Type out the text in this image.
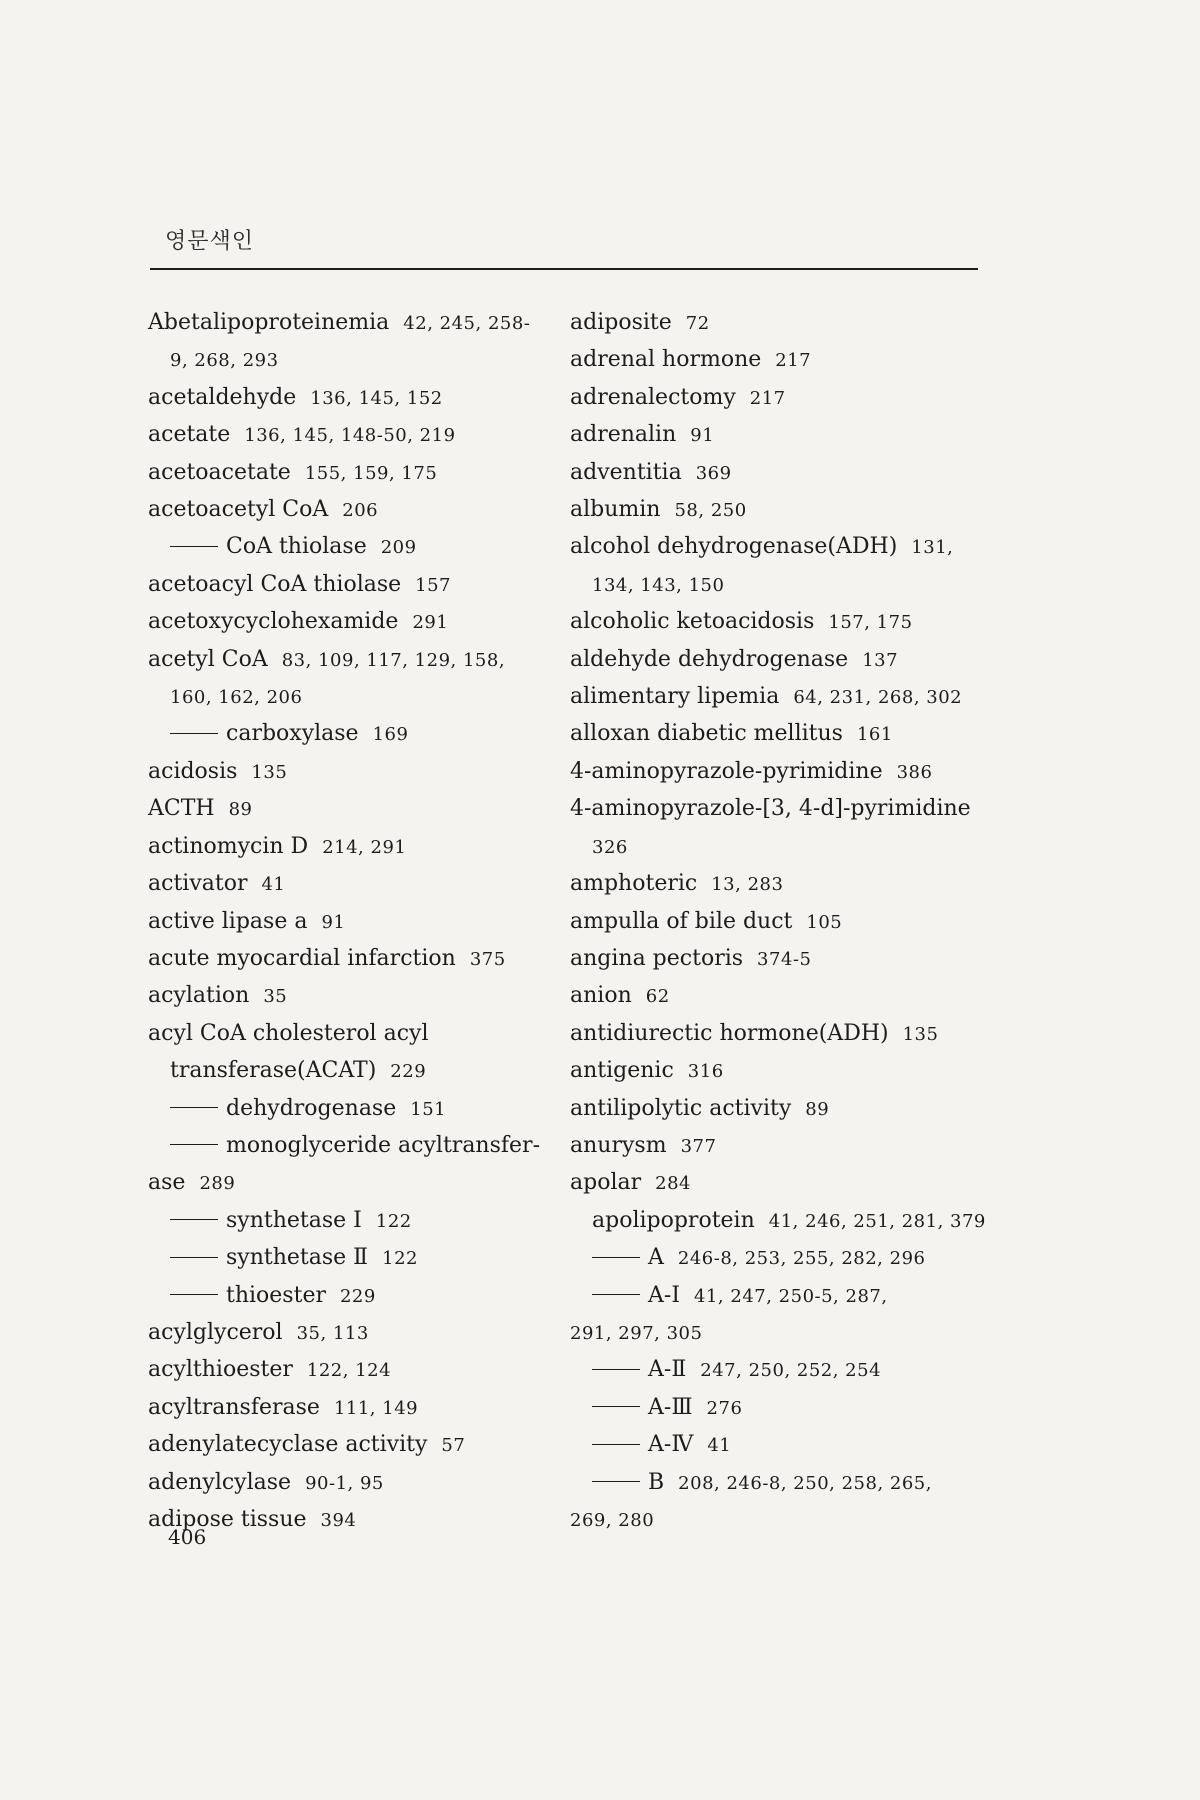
영문색인
Abetalipoproteinemia 42, 245, 258-
9, 268, 293
acetaldehyde 136, 145, 152
acetate 136, 145, 148-50, 219
acetoacetate 155, 159, 175
acetoacetyl CoA 206
CoA thiolase 209
acetoacyl CoA thiolase 157
acetoxycyclohexamide 291
acetyl CoA 83, 109, 117, 129, 158,
160, 162, 206
carboxylase 169
acidosis 135
ACTH 89
actinomycin D 214, 291
activator 41
active lipase a 91
acute myocardial infarction 375
acylation 35
acyl CoA cholesterol acyl
transferase(ACAT) 229
dehydrogenase 151
monoglyceride acyltransfer-
ase 289
synthetase Ⅰ 122
synthetase Ⅱ 122
thioester 229
acylglycerol 35, 113
acylthioester 122, 124
acyltransferase 111, 149
adenylatecyclase activity 57
adenylcylase 90-1, 95
adipose tissue 394
adiposite 72
adrenal hormone 217
adrenalectomy 217
adrenalin 91
adventitia 369
albumin 58, 250
alcohol dehydrogenase(ADH) 131,
134, 143, 150
alcoholic ketoacidosis 157, 175
aldehyde dehydrogenase 137
alimentary lipemia 64, 231, 268, 302
alloxan diabetic mellitus 161
4-aminopyrazole-pyrimidine 386
4-aminopyrazole-[3, 4-d]-pyrimidine
326
amphoteric 13, 283
ampulla of bile duct 105
angina pectoris 374-5
anion 62
antidiurectic hormone(ADH) 135
antigenic 316
antilipolytic activity 89
anurysm 377
apolar 284
apolipoprotein 41, 246, 251, 281, 379
A 246-8, 253, 255, 282, 296
A-Ⅰ 41, 247, 250-5, 287,
291, 297, 305
A-Ⅱ 247, 250, 252, 254
A-Ⅲ 276
A-Ⅳ 41
B 208, 246-8, 250, 258, 265,
269, 280
406
